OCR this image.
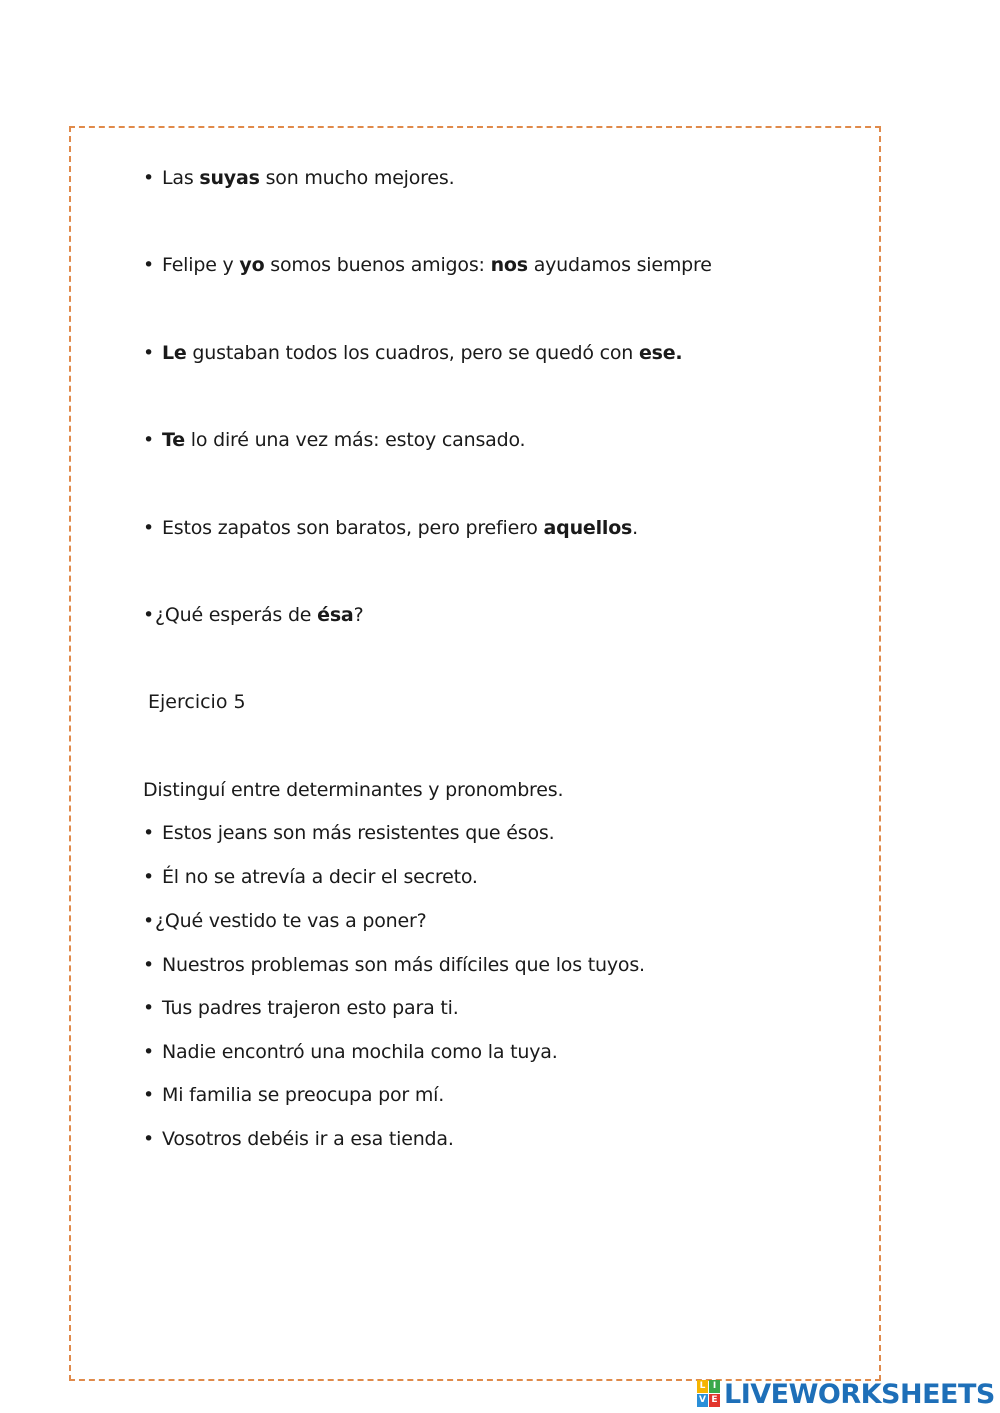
• Las suyas son mucho mejores.
• Felipe y yo somos buenos amigos: nos ayudamos siempre
• Le gustaban todos los cuadros, pero se quedó con ese.
• Te lo diré una vez más: estoy cansado.
• Estos zapatos son baratos, pero prefiero aquellos.
•¿Qué esperás de ésa?
Ejercicio 5
Distinguí entre determinantes y pronombres.
• Estos jeans son más resistentes que ésos.
• Él no se atrevía a decir el secreto.
•¿Qué vestido te vas a poner?
• Nuestros problemas son más difíciles que los tuyos.
• Tus padres trajeron esto para ti.
• Nadie encontró una mochila como la tuya.
• Mi familia se preocupa por mí.
• Vosotros debéis ir a esa tienda.
L I
V E LIVEWORKSHEETS
